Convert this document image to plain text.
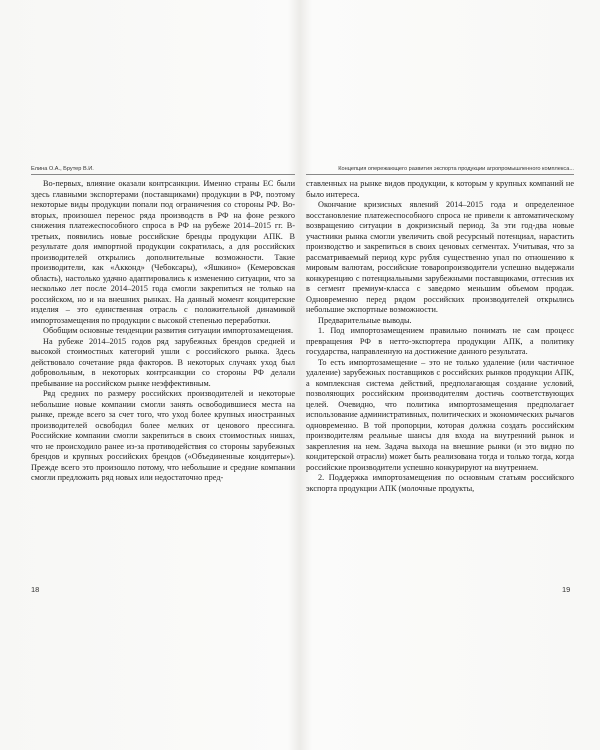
Елина О.А., Брутер В.И.

Во-первых, влияние оказали контрсанкции. Именно страны ЕС были здесь главными экспортерами (поставщиками) продукции в РФ, поэтому некоторые виды продукции попали под ограничения со стороны РФ. Во-вторых, произошел перенос ряда производств в РФ на фоне резкого снижения платежеспособного спроса в РФ на рубеже 2014–2015 гг. В-третьих, появились новые российские бренды продукции АПК. В результате доля импортной продукции сократилась, а для российских производителей открылись дополнительные возможности. Такие производители, как «Акконд» (Чебоксары), «Яшкино» (Кемеровская область), настолько удачно адаптировались к изменению ситуации, что за несколько лет после 2014–2015 года смогли закрепиться не только на российском, но и на внешних рынках. На данный момент кондитерские изделия – это единственная отрасль с положительной динамикой импортозамещения по продукции с высокой степенью переработки.

Обобщим основные тенденции развития ситуации импортозамещения.

На рубеже 2014–2015 годов ряд зарубежных брендов средней и высокой стоимостных категорий ушли с российского рынка. Здесь действовало сочетание ряда факторов. В некоторых случаях уход был добровольным, в некоторых контрсанкции со стороны РФ делали пребывание на российском рынке неэффективным.

Ряд средних по размеру российских производителей и некоторые небольшие новые компании смогли занять освободившиеся места на рынке, прежде всего за счет того, что уход более крупных иностранных производителей освободил более мелких от ценового прессинга. Российские компании смогли закрепиться в своих стоимостных нишах, что не происходило ранее из-за противодействия со стороны зарубежных брендов и крупных российских брендов («Объединенные кондитеры»). Прежде всего это произошло потому, что небольшие и средние компании смогли предложить ряд новых или недостаточно пред-

Концепция опережающего развития экспорта продукции агропромышленного комплекса...

ставленных на рынке видов продукции, к которым у крупных компаний не было интереса.

Окончание кризисных явлений 2014–2015 года и определенное восстановление платежеспособного спроса не привели к автоматическому возвращению ситуации в докризисный период. За эти год-два новые участники рынка смогли увеличить свой ресурсный потенциал, нарастить производство и закрепиться в своих ценовых сегментах. Учитывая, что за рассматриваемый период курс рубля существенно упал по отношению к мировым валютам, российские товаропроизводители успешно выдержали конкуренцию с потенциальными зарубежными поставщиками, оттеснив их в сегмент премиум-класса с заведомо меньшим объемом продаж. Одновременно перед рядом российских производителей открылись небольшие экспортные возможности.

Предварительные выводы.

1. Под импортозамещением правильно понимать не сам процесс превращения РФ в нетто-экспортера продукции АПК, а политику государства, направленную на достижение данного результата.

То есть импортозамещение – это не только удаление (или частичное удаление) зарубежных поставщиков с российских рынков продукции АПК, а комплексная система действий, предполагающая создание условий, позволяющих российским производителям достичь соответствующих целей. Очевидно, что политика импортозамещения предполагает использование административных, политических и экономических рычагов одновременно. В той пропорции, которая должна создать российским производителям реальные шансы для входа на внутренний рынок и закрепления на нем. Задача выхода на внешние рынки (и это видно по кондитерской отрасли) может быть реализована тогда и только тогда, когда российские производители успешно конкурируют на внутреннем.

2. Поддержка импортозамещения по основным статьям российского экспорта продукции АПК (молочные продукты,

18	19
